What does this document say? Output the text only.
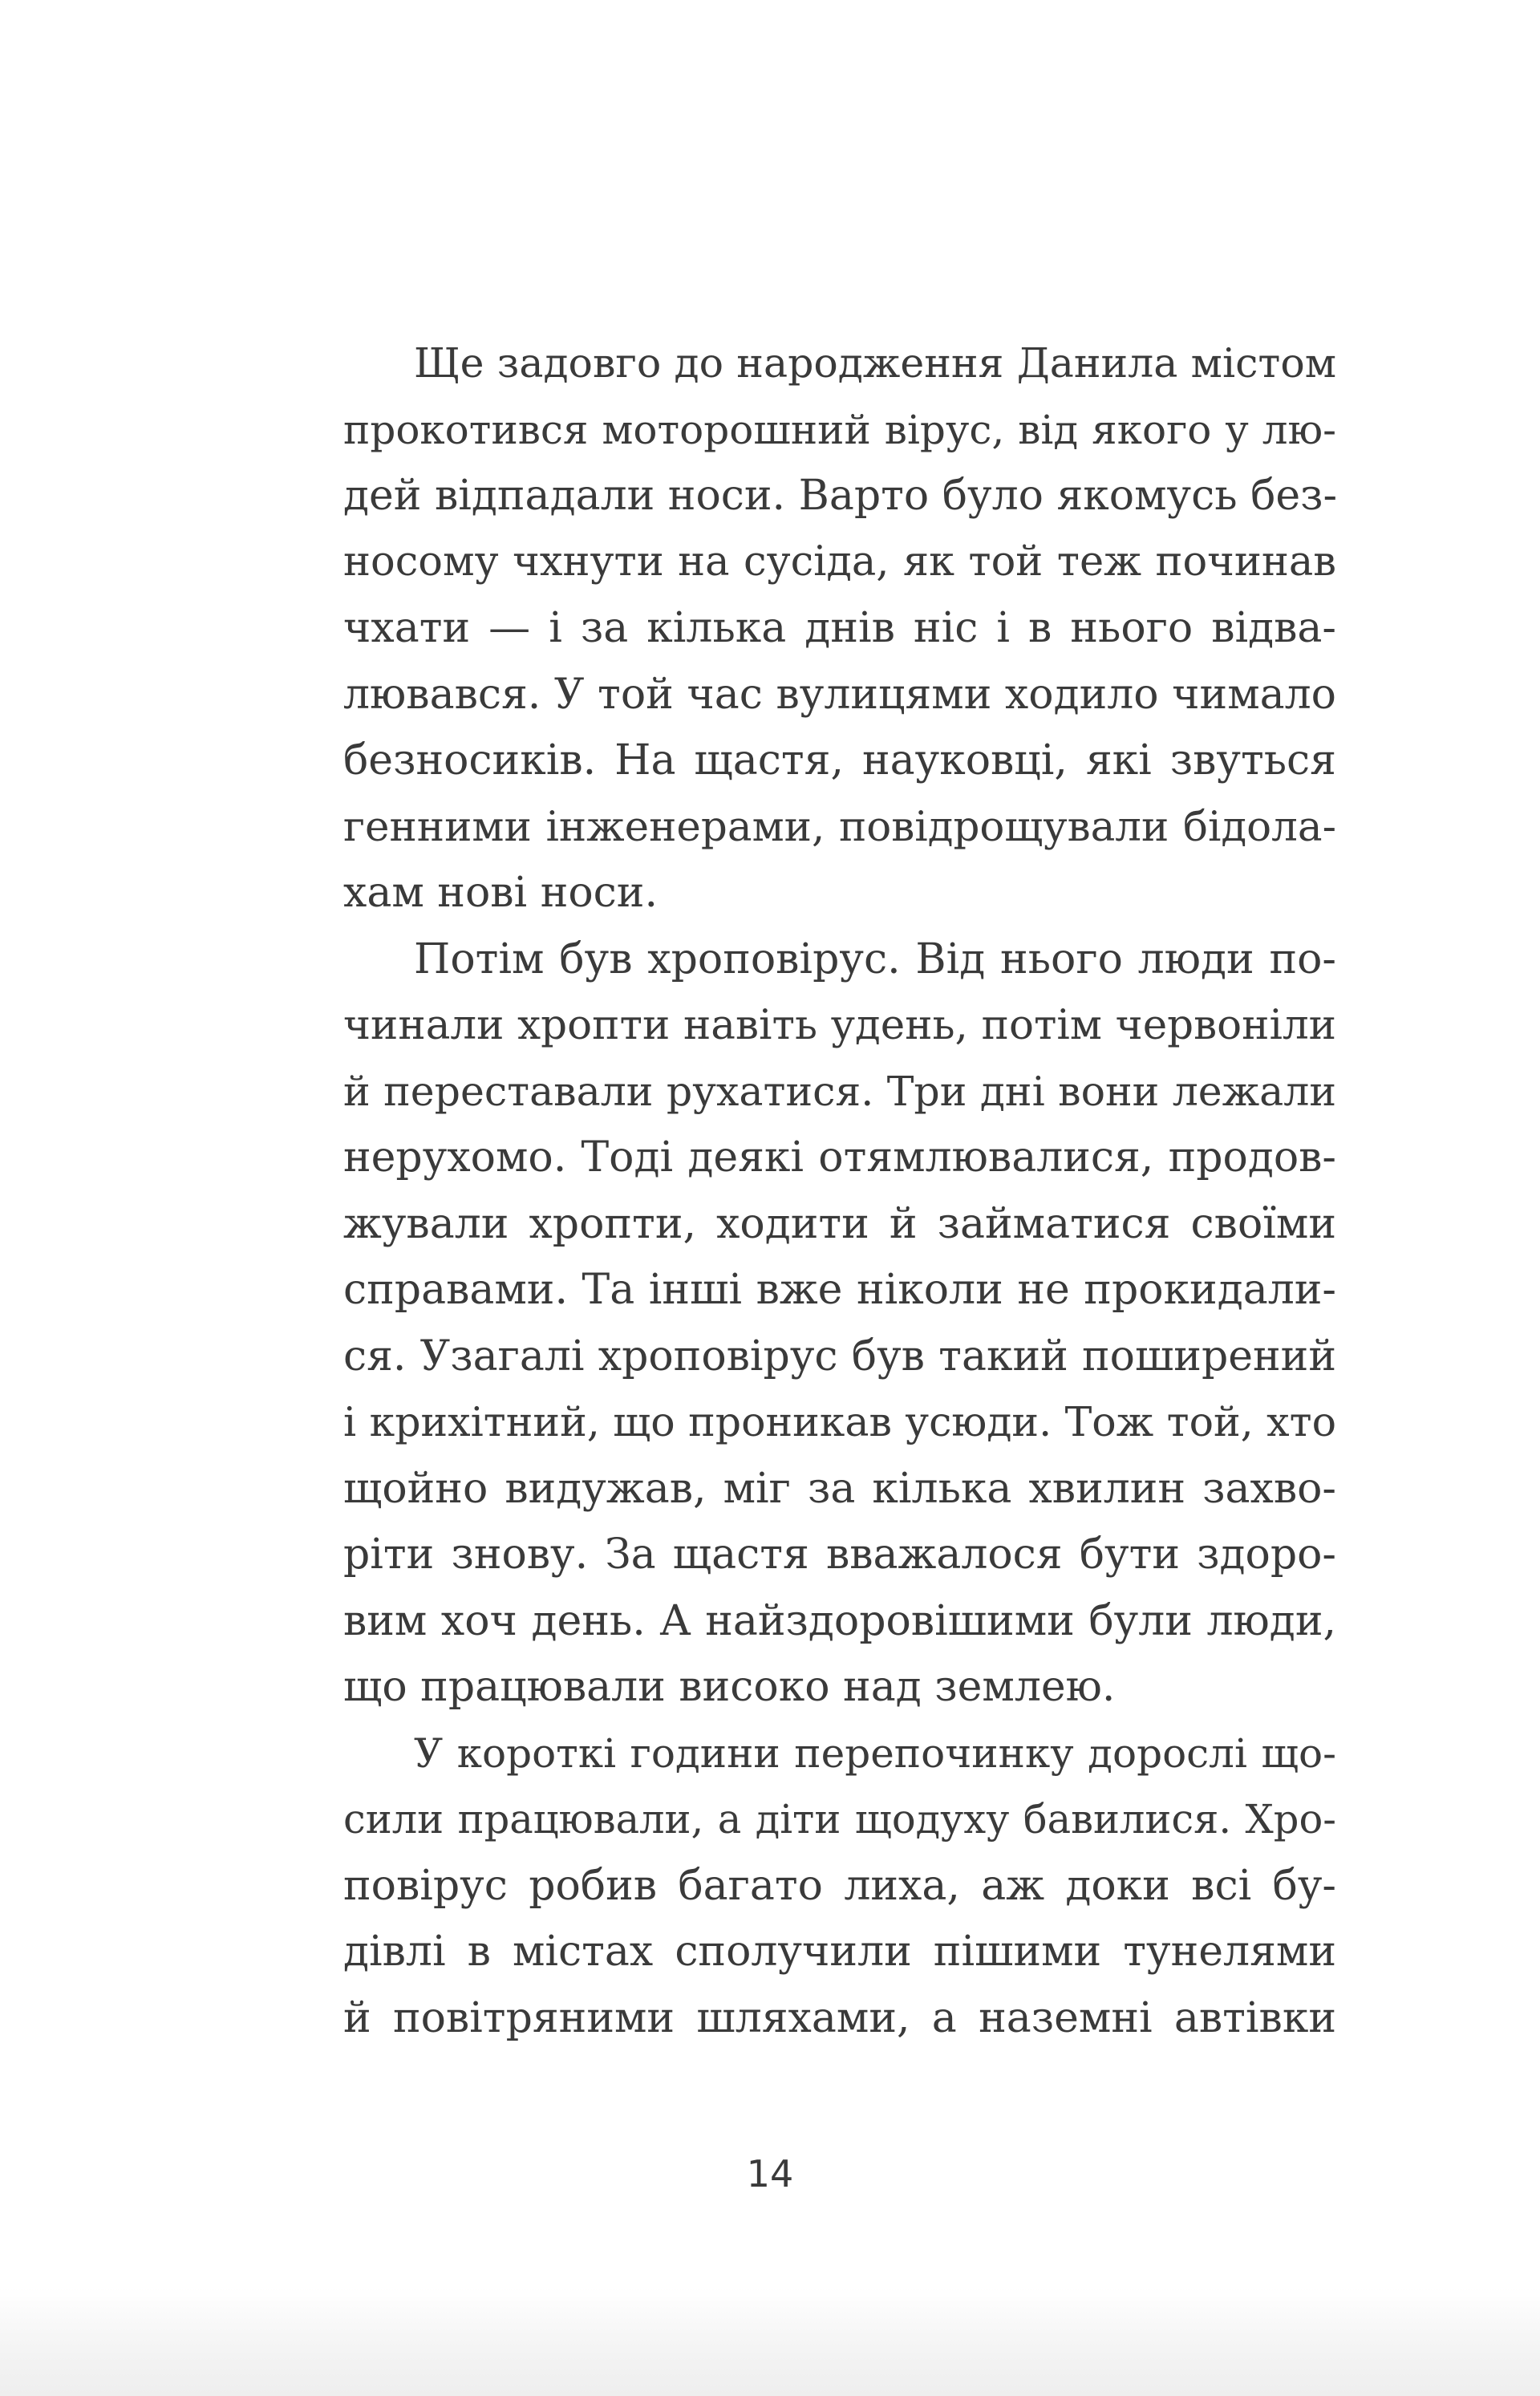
Ще задовго до народження Данила містом
прокотився моторошний вірус, від якого у лю-
дей відпадали носи. Варто було якомусь без-
носому чхнути на сусіда, як той теж починав
чхати — і за кілька днів ніс і в нього відва-
лювався. У той час вулицями ходило чимало
безносиків. На щастя, науковці, які звуться
генними інженерами, повідрощували бідола-
хам нові носи.
Потім був хроповірус. Від нього люди по-
чинали хропти навіть удень, потім червоніли
й переставали рухатися. Три дні вони лежали
нерухомо. Тоді деякі отямлювалися, продов-
жували хропти, ходити й займатися своїми
справами. Та інші вже ніколи не прокидали-
ся. Узагалі хроповірус був такий поширений
і крихітний, що проникав усюди. Тож той, хто
щойно видужав, міг за кілька хвилин захво-
ріти знову. За щастя вважалося бути здоро-
вим хоч день. А найздоровішими були люди,
що працювали високо над землею.
У короткі години перепочинку дорослі що-
сили працювали, а діти щодуху бавилися. Хро-
повірус робив багато лиха, аж доки всі бу-
дівлі в містах сполучили пішими тунелями
й повітряними шляхами, а наземні автівки
14
